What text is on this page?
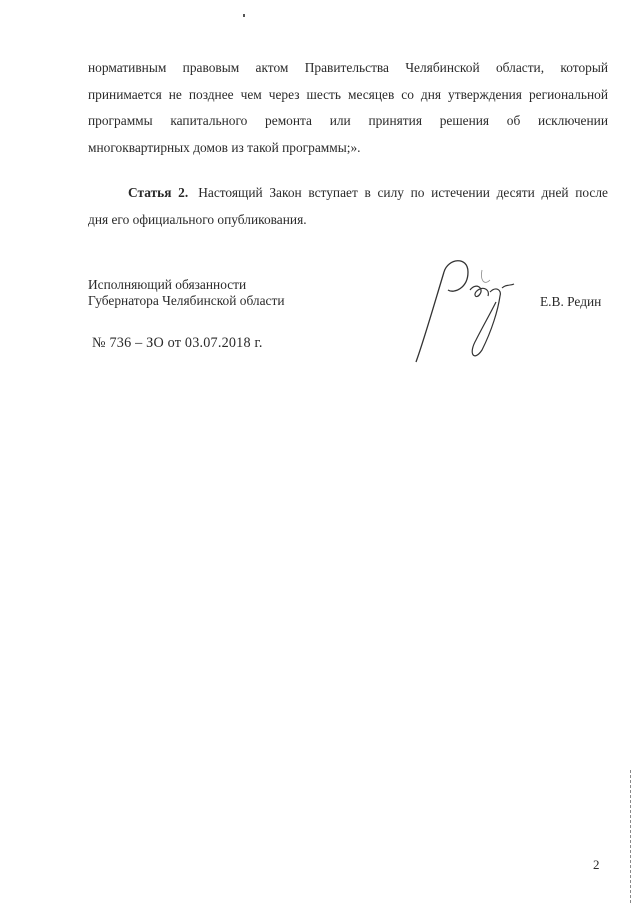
нормативным правовым актом Правительства Челябинской области, который
принимается не позднее чем через шесть месяцев со дня утверждения региональной
программы капитального ремонта или принятия решения об исключении
многоквартирных домов из такой программы;».
Статья 2. Настоящий Закон вступает в силу по истечении десяти дней после
дня его официального опубликования.
Исполняющий обязанности
Губернатора Челябинской области	Е.В. Редин
№ 736 – ЗО от 03.07.2018 г.
2
